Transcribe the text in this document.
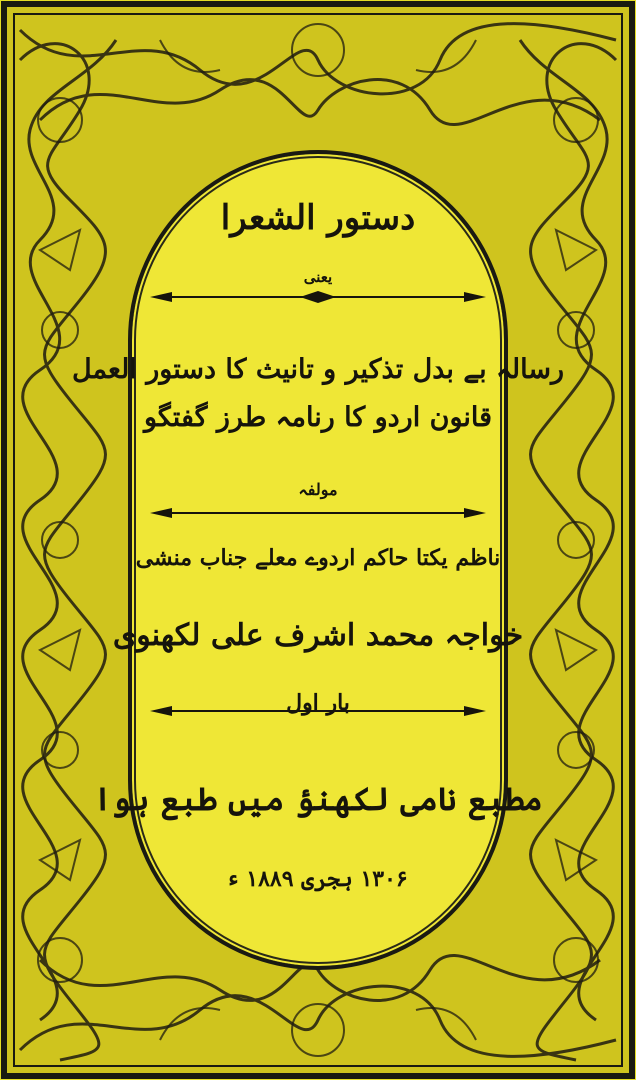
دستور الشعرا
یعنی
رسالہ بے بدل تذکیر و تانیث کا دستور العمل
قانون اردو کا رنامہ طرز گفتگو
مولفہ
ناظم یکتا حاکم اردوے معلے جناب منشی
خواجہ محمد اشرف علی لکھنوی
بار اول
مطبع نامی لکھنؤ میں طبع ہوا
۱۳۰۶ ہجری ۱۸۸۹ ء
